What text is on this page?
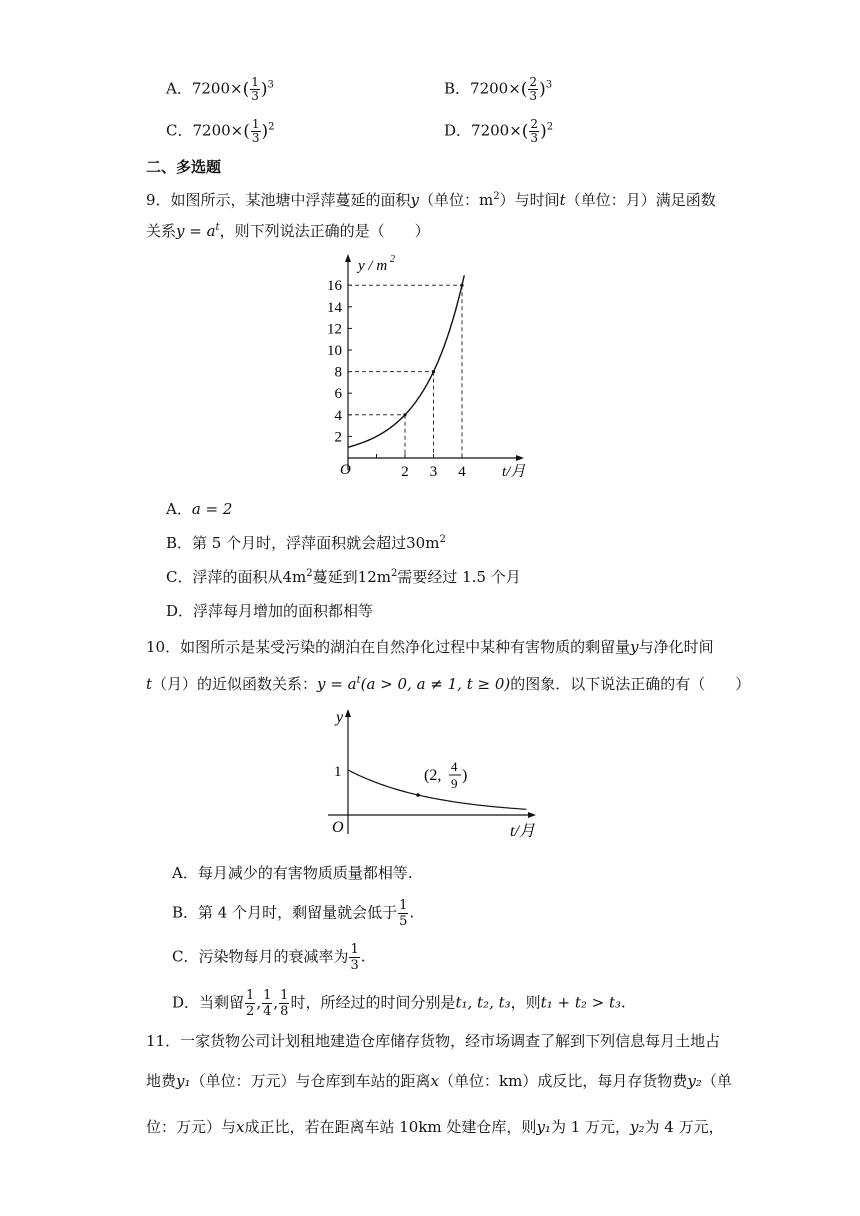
A．$7200\times( \frac{1}{3} )^3$	B．$7200\times( \frac{2}{3} )^3$
C．$7200\times( \frac{1}{3} )^2$	D．$7200\times( \frac{2}{3} )^2$
二、多选题
9．如图所示，某池塘中浮萍蔓延的面积y（单位：$m^2$）与时间t（单位：月）满足函数
关系$y = a^t$，则下列说法正确的是（　　）
y / m 2
t/月
O
2
4
6
8
10
12
14
16
2 3 4
A．a = 2
B．第 5 个月时，浮萍面积就会超过$30m^2$
C．浮萍的面积从$4m^2$蔓延到$12m^2$需要经过 1.5 个月
D．浮萍每月增加的面积都相等
10．如图所示是某受污染的湖泊在自然净化过程中某种有害物质的剩留量y与净化时间
t（月）的近似函数关系：$y = a^t(a > 0$, a ≠ 1, t ≥ 0)的图象．以下说法正确的有（　　）
y
t/月
O
1	(2,
4
9 )
A．每月减少的有害物质质量都相等.
B．第 4 个月时，剩留量就会低于 $\frac{1}{5}$ .
C．污染物每月的衰减率为 $\frac{1}{3}$ .
D．当剩留 $\frac{1}{2}$ , $\frac{1}{4}$ , $\frac{1}{8}$ 时，所经过的时间分别是t₁, t₂, t₃，则t₁ + t₂ > t₃.
11．一家货物公司计划租地建造仓库储存货物，经市场调查了解到下列信息每月土地占
地费y₁（单位：万元）与仓库到车站的距离x（单位：km）成反比，每月存货物费y₂（单
位：万元）与x成正比，若在距离车站 10km 处建仓库，则y₁为 1 万元，y₂为 4 万元，
